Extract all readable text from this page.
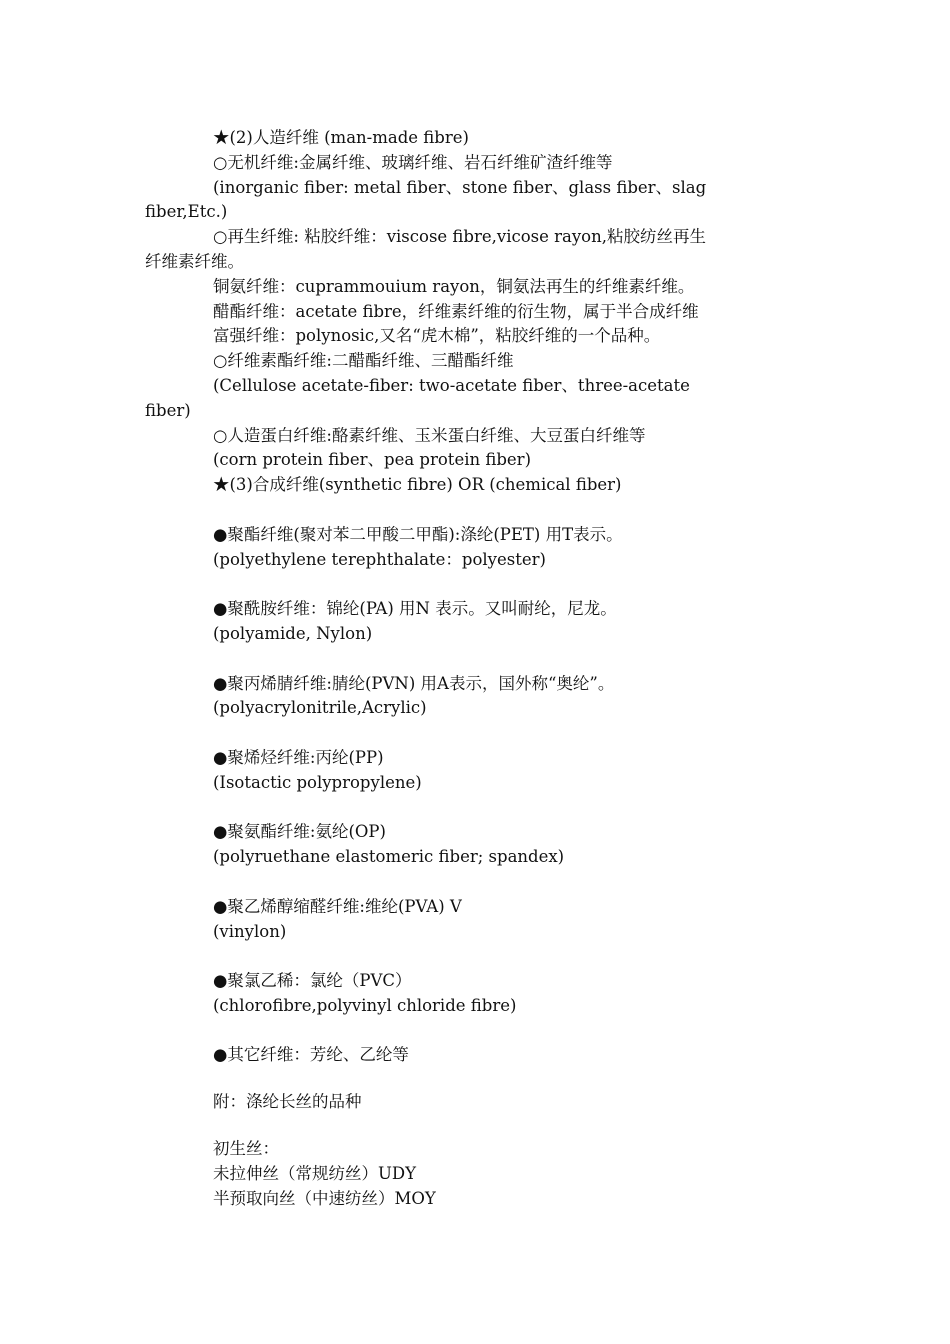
★(2)人造纤维 (man-made fibre)
○无机纤维:金属纤维、玻璃纤维、岩石纤维矿渣纤维等
(inorganic fiber: metal fiber、stone fiber、glass fiber、slag
fiber,Etc.)
○再生纤维: 粘胶纤维：viscose fibre,vicose rayon,粘胶纺丝再生
纤维素纤维。
铜氨纤维：cuprammouium rayon，铜氨法再生的纤维素纤维。
醋酯纤维：acetate fibre，纤维素纤维的衍生物，属于半合成纤维
富强纤维：polynosic,又名“虎木棉”，粘胶纤维的一个品种。
○纤维素酯纤维:二醋酯纤维、三醋酯纤维
(Cellulose acetate-fiber: two-acetate fiber、three-acetate
fiber)
○人造蛋白纤维:酪素纤维、玉米蛋白纤维、大豆蛋白纤维等
(corn protein fiber、pea protein fiber)
★(3)合成纤维(synthetic fibre) OR (chemical fiber)
●聚酯纤维(聚对苯二甲酸二甲酯):涤纶(PET) 用T表示。
(polyethylene terephthalate：polyester)
●聚酰胺纤维：锦纶(PA) 用N 表示。又叫耐纶，尼龙。
(polyamide, Nylon)
●聚丙烯腈纤维:腈纶(PVN) 用A表示，国外称“奥纶”。
(polyacrylonitrile,Acrylic)
●聚烯烃纤维:丙纶(PP)
(Isotactic polypropylene)
●聚氨酯纤维:氨纶(OP)
(polyruethane elastomeric fiber; spandex)
●聚乙烯醇缩醛纤维:维纶(PVA) V
(vinylon)
●聚氯乙稀：氯纶（PVC）
(chlorofibre,polyvinyl chloride fibre)
●其它纤维：芳纶、乙纶等
附：涤纶长丝的品种
初生丝：
未拉伸丝（常规纺丝）UDY
半预取向丝（中速纺丝）MOY
